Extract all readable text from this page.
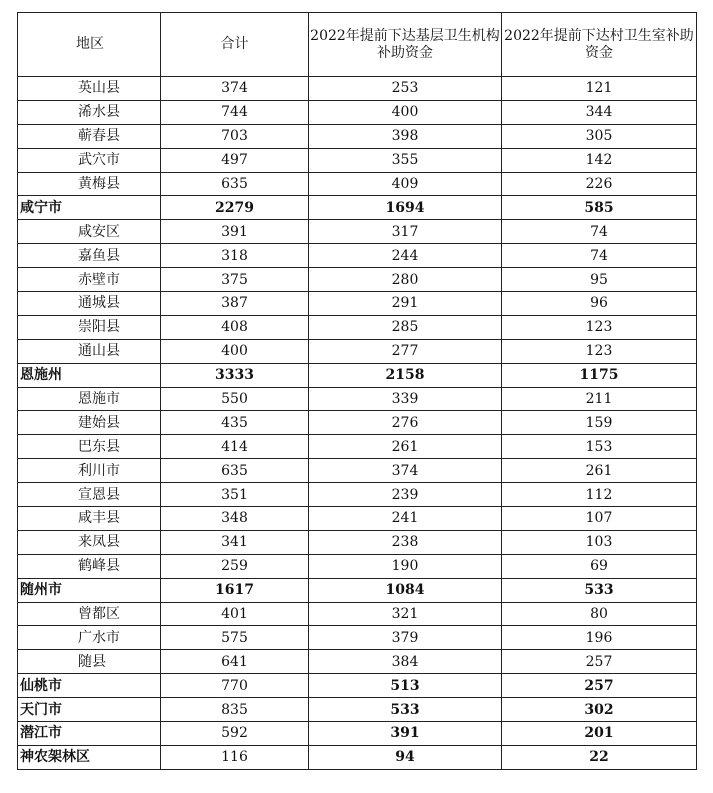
地区	合计	2022年提前下达基层卫生机构补助资金	2022年提前下达村卫生室补助资金
英山县	374	253	121
浠水县	744	400	344
蕲春县	703	398	305
武穴市	497	355	142
黄梅县	635	409	226
咸宁市	2279	1694	585
咸安区	391	317	74
嘉鱼县	318	244	74
赤壁市	375	280	95
通城县	387	291	96
崇阳县	408	285	123
通山县	400	277	123
恩施州	3333	2158	1175
恩施市	550	339	211
建始县	435	276	159
巴东县	414	261	153
利川市	635	374	261
宣恩县	351	239	112
咸丰县	348	241	107
来凤县	341	238	103
鹤峰县	259	190	69
随州市	1617	1084	533
曾都区	401	321	80
广水市	575	379	196
随县	641	384	257
仙桃市	770	513	257
天门市	835	533	302
潜江市	592	391	201
神农架林区	116	94	22
